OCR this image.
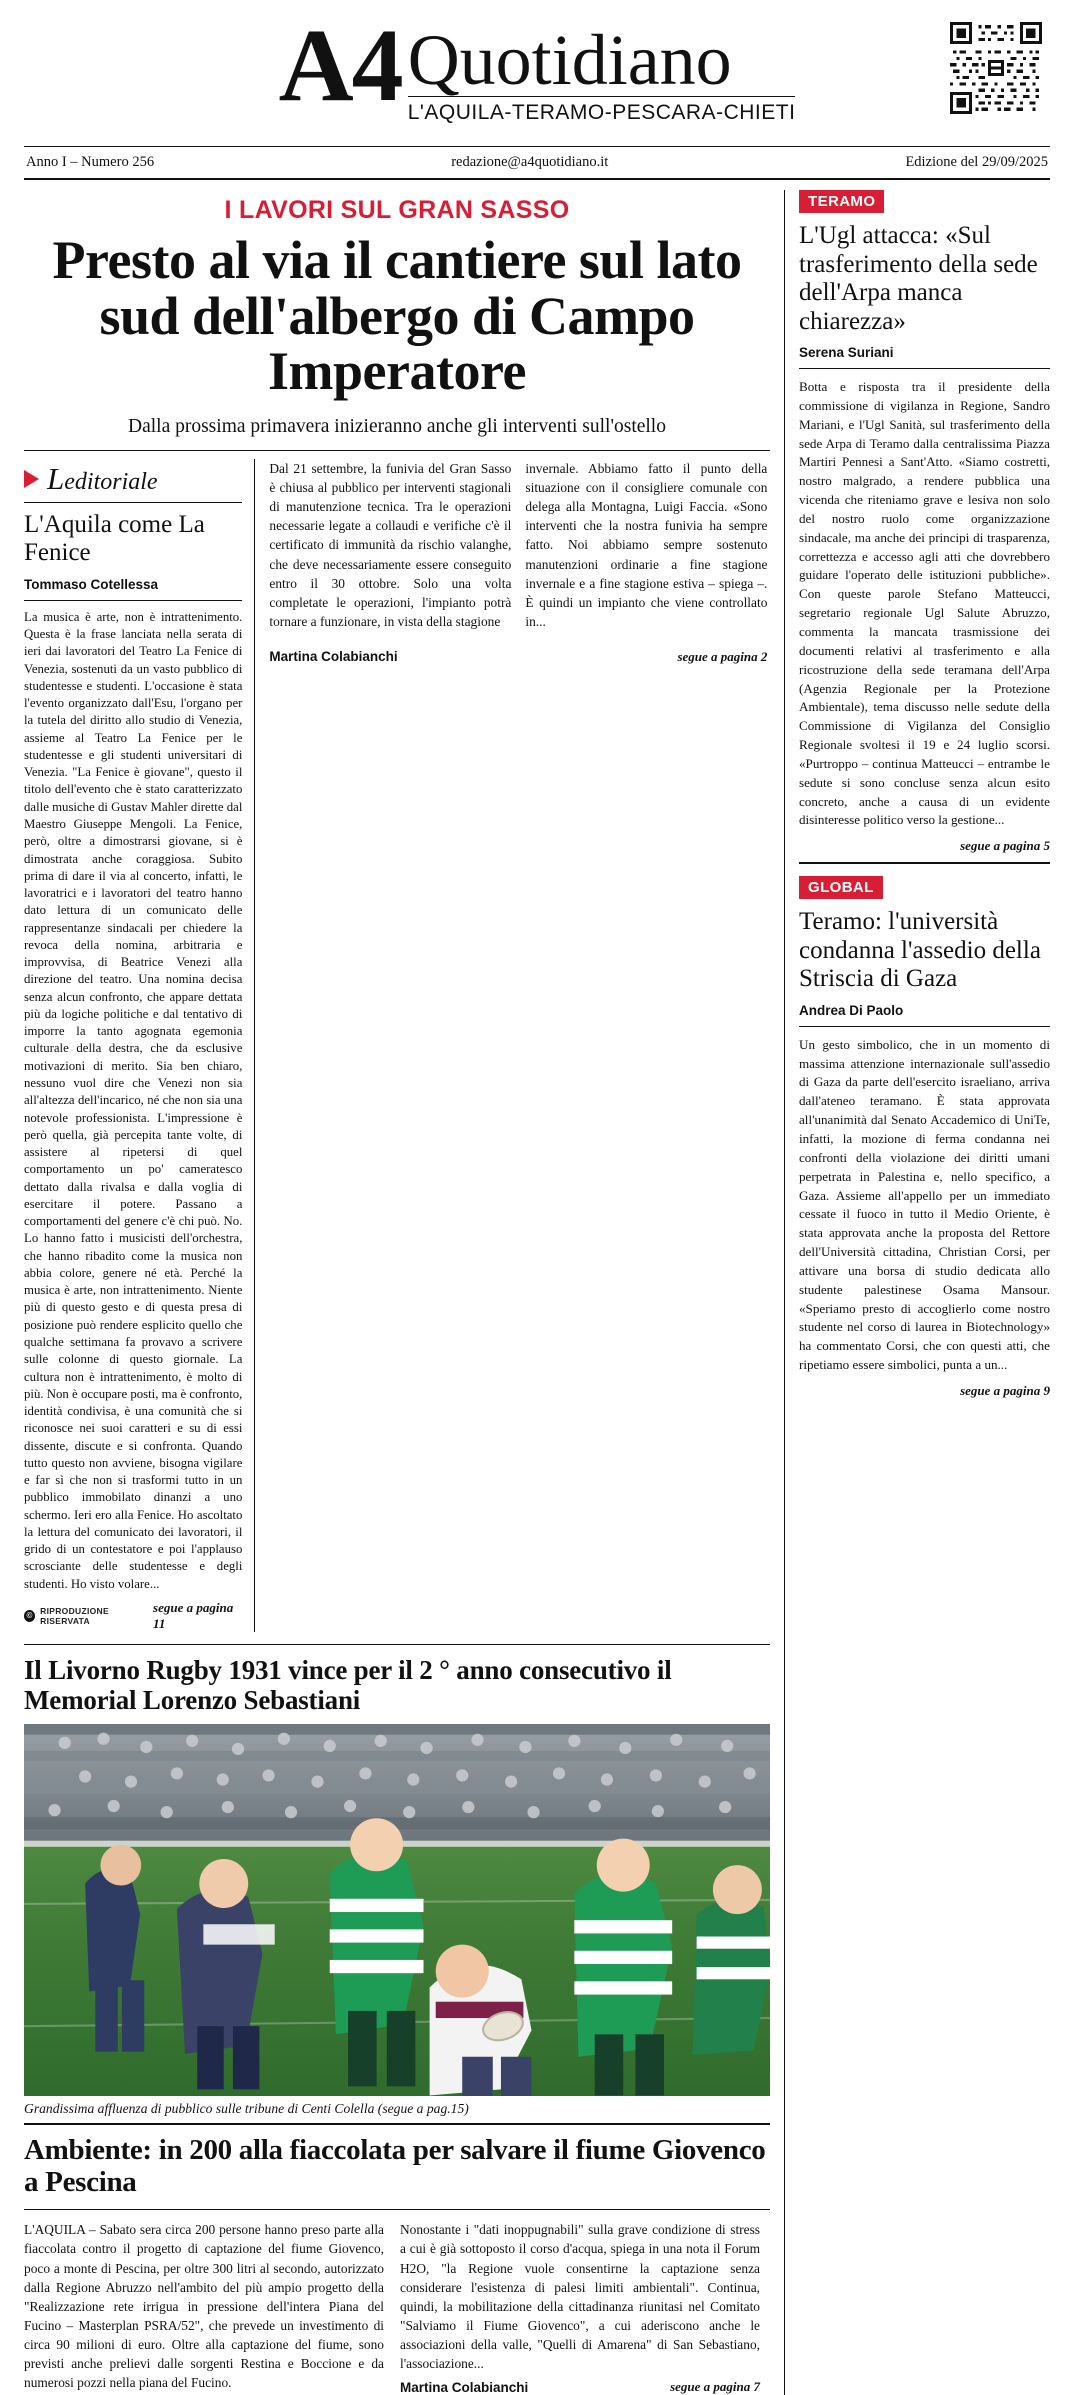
A4 Quotidiano
L'AQUILA-TERAMO-PESCARA-CHIETI
Anno I – Numero 256	redazione@a4quotidiano.it	Edizione del 29/09/2025
I LAVORI SUL GRAN SASSO
Presto al via il cantiere sul lato sud dell'albergo di Campo Imperatore
Dalla prossima primavera inizieranno anche gli interventi sull'ostello
Leditoriale
L'Aquila come La Fenice
Tommaso Cotellessa

La musica è arte, non è intrattenimento. Questa è la frase lanciata nella serata di ieri dai lavoratori del Teatro La Fenice di Venezia, sostenuti da un vasto pubblico di studentesse e studenti. L'occasione è stata l'evento organizzato dall'Esu, l'organo per la tutela del diritto allo studio di Venezia, assieme al Teatro La Fenice per le studentesse e gli studenti universitari di Venezia. "La Fenice è giovane", questo il titolo dell'evento che è stato caratterizzato dalle musiche di Gustav Mahler dirette dal Maestro Giuseppe Mengoli. La Fenice, però, oltre a dimostrarsi giovane, si è dimostrata anche coraggiosa. Subito prima di dare il via al concerto, infatti, le lavoratrici e i lavoratori del teatro hanno dato lettura di un comunicato delle rappresentanze sindacali per chiedere la revoca della nomina, arbitraria e improvvisa, di Beatrice Venezi alla direzione del teatro. Una nomina decisa senza alcun confronto, che appare dettata più da logiche politiche e dal tentativo di imporre la tanto agognata egemonia culturale della destra, che da esclusive motivazioni di merito. Sia ben chiaro, nessuno vuol dire che Venezi non sia all'altezza dell'incarico, né che non sia una notevole professionista. L'impressione è però quella, già percepita tante volte, di assistere al ripetersi di quel comportamento un po' cameratesco dettato dalla rivalsa e dalla voglia di esercitare il potere. Passano a comportamenti del genere c'è chi può. No. Lo hanno fatto i musicisti dell'orchestra, che hanno ribadito come la musica non abbia colore, genere né età. Perché la musica è arte, non intrattenimento. Niente più di questo gesto e di questa presa di posizione può rendere esplicito quello che qualche settimana fa provavo a scrivere sulle colonne di questo giornale. La cultura non è intrattenimento, è molto di più. Non è occupare posti, ma è confronto, identità condivisa, è una comunità che si riconosce nei suoi caratteri e su di essi dissente, discute e si confronta. Quando tutto questo non avviene, bisogna vigilare e far sì che non si trasformi tutto in un pubblico immobilato dinanzi a uno schermo. Ieri ero alla Fenice. Ho ascoltato la lettura del comunicato dei lavoratori, il grido di un contestatore e poi l'applauso scrosciante delle studentesse e degli studenti. Ho visto volare...

© RIPRODUZIONE RISERVATA
segue a pagina 11

Dal 21 settembre, la funivia del Gran Sasso è chiusa al pubblico per interventi stagionali di manutenzione tecnica. Tra le operazioni necessarie legate a collaudi e verifiche c'è il certificato di immunità da rischio valanghe, che deve necessariamente essere conseguito entro il 30 ottobre. Solo una volta completate le operazioni, l'impianto potrà tornare a funzionare, in vista della stagione

Martina Colabianchi

invernale. Abbiamo fatto il punto della situazione con il consigliere comunale con delega alla Montagna, Luigi Faccia. «Sono interventi che la nostra funivia ha sempre fatto. Noi abbiamo sempre sostenuto manutenzioni ordinarie a fine stagione invernale e a fine stagione estiva – spiega –. È quindi un impianto che viene controllato in...

segue a pagina 2
Il Livorno Rugby 1931 vince per il 2 ° anno consecutivo il Memorial Lorenzo Sebastiani
Grandissima affluenza di pubblico sulle tribune di Centi Colella (segue a pag.15)
Ambiente: in 200 alla fiaccolata per salvare il fiume Giovenco a Pescina

L'AQUILA – Sabato sera circa 200 persone hanno preso parte alla fiaccolata contro il progetto di captazione del fiume Giovenco, poco a monte di Pescina, per oltre 300 litri al secondo, autorizzato dalla Regione Abruzzo nell'ambito del più ampio progetto della "Realizzazione rete irrigua in pressione dell'intera Piana del Fucino – Masterplan PSRA/52", che prevede un investimento di circa 90 milioni di euro. Oltre alla captazione del fiume, sono previsti anche prelievi dalle sorgenti Restina e Boccione e da numerosi pozzi nella piana del Fucino.

Nonostante i "dati inoppugnabili" sulla grave condizione di stress a cui è già sottoposto il corso d'acqua, spiega in una nota il Forum H2O, "la Regione vuole consentirne la captazione senza considerare l'esistenza di palesi limiti ambientali". Continua, quindi, la mobilitazione della cittadinanza riunitasi nel Comitato "Salviamo il Fiume Giovenco", a cui aderiscono anche le associazioni della valle, "Quelli di Amarena" di San Sebastiano, l'associazione...

Martina Colabianchi	segue a pagina 7
TERAMO
L'Ugl attacca: «Sul trasferimento della sede dell'Arpa manca chiarezza»
Serena Suriani

Botta e risposta tra il presidente della commissione di vigilanza in Regione, Sandro Mariani, e l'Ugl Sanità, sul trasferimento della sede Arpa di Teramo dalla centralissima Piazza Martiri Pennesi a Sant'Atto. «Siamo costretti, nostro malgrado, a rendere pubblica una vicenda che riteniamo grave e lesiva non solo del nostro ruolo come organizzazione sindacale, ma anche dei principi di trasparenza, correttezza e accesso agli atti che dovrebbero guidare l'operato delle istituzioni pubbliche». Con queste parole Stefano Matteucci, segretario regionale Ugl Salute Abruzzo, commenta la mancata trasmissione dei documenti relativi al trasferimento e alla ricostruzione della sede teramana dell'Arpa (Agenzia Regionale per la Protezione Ambientale), tema discusso nelle sedute della Commissione di Vigilanza del Consiglio Regionale svoltesi il 19 e 24 luglio scorsi. «Purtroppo – continua Matteucci – entrambe le sedute si sono concluse senza alcun esito concreto, anche a causa di un evidente disinteresse politico verso la gestione...

segue a pagina 5
GLOBAL
Teramo: l'università condanna l'assedio della Striscia di Gaza
Andrea Di Paolo

Un gesto simbolico, che in un momento di massima attenzione internazionale sull'assedio di Gaza da parte dell'esercito israeliano, arriva dall'ateneo teramano. È stata approvata all'unanimità dal Senato Accademico di UniTe, infatti, la mozione di ferma condanna nei confronti della violazione dei diritti umani perpetrata in Palestina e, nello specifico, a Gaza. Assieme all'appello per un immediato cessate il fuoco in tutto il Medio Oriente, è stata approvata anche la proposta del Rettore dell'Università cittadina, Christian Corsi, per attivare una borsa di studio dedicata allo studente palestinese Osama Mansour. «Speriamo presto di accoglierlo come nostro studente nel corso di laurea in Biotechnology» ha commentato Corsi, che con questi atti, che ripetiamo essere simbolici, punta a un...

segue a pagina 9
